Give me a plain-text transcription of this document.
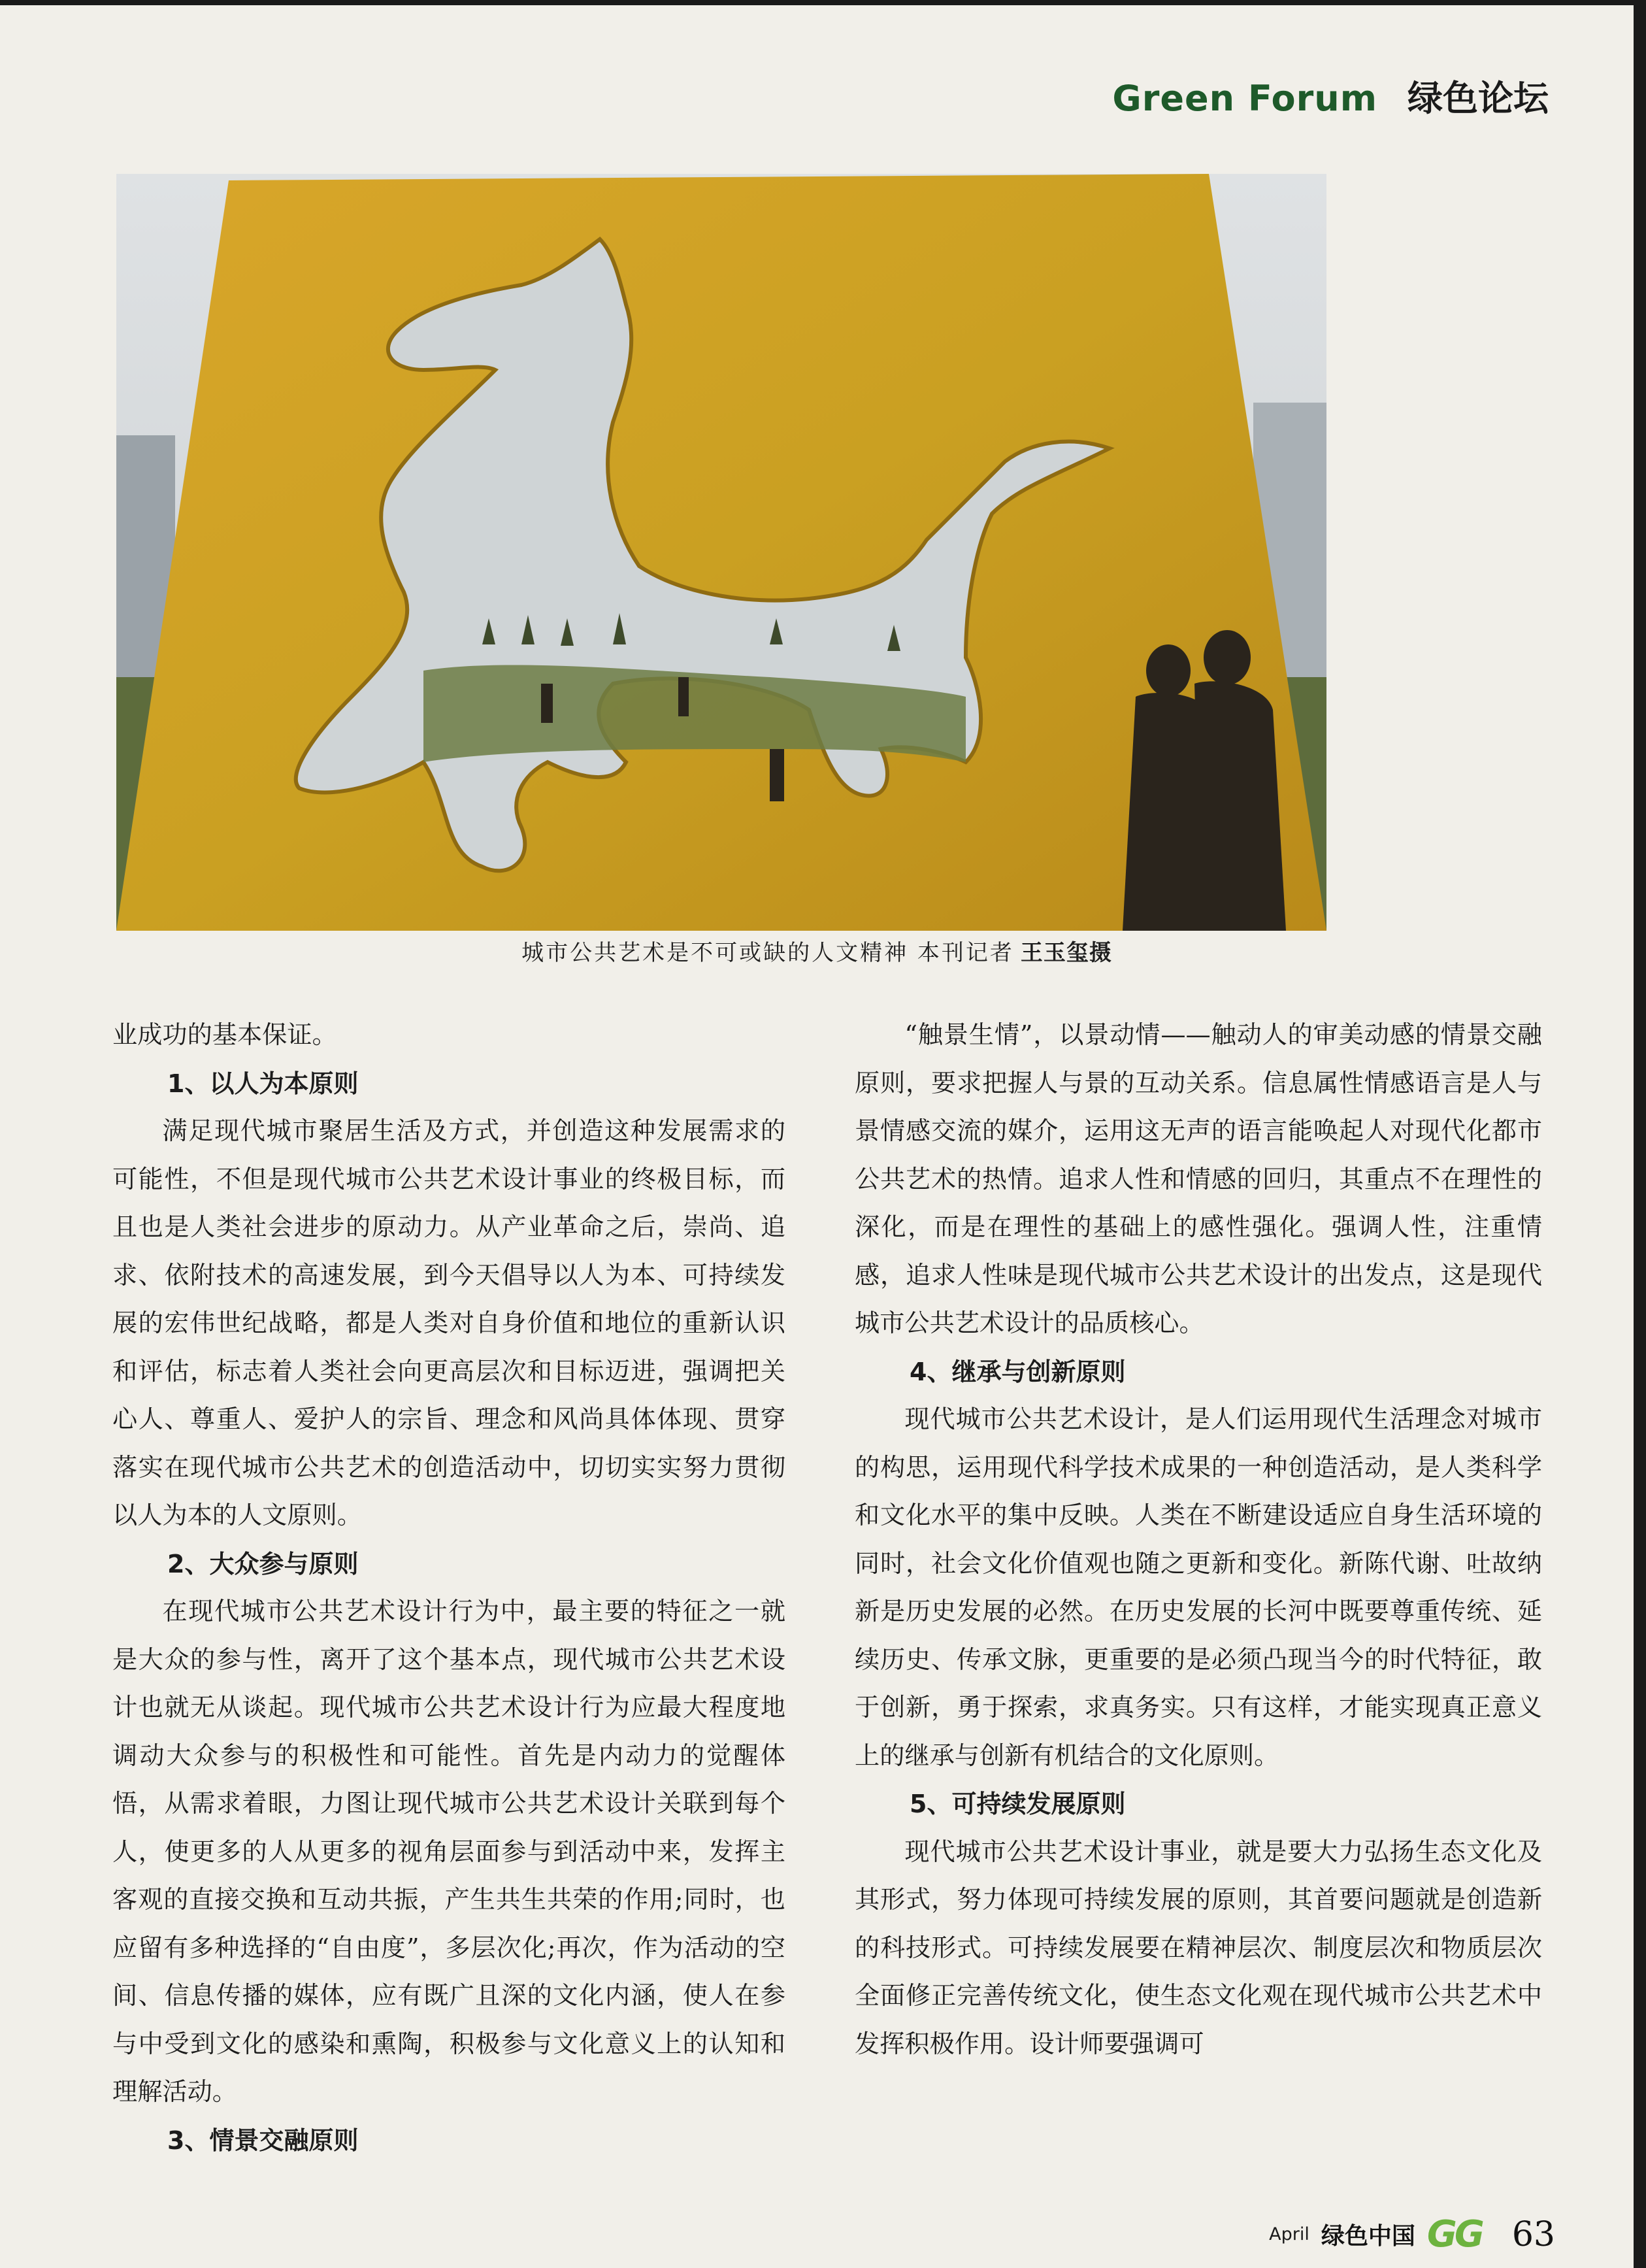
Green Forum 绿色论坛
城市公共艺术是不可或缺的人文精神 本刊记者 王玉玺摄

业成功的基本保证。

1、以人为本原则

满足现代城市聚居生活及方式，并创造这种发展需求的可能性，不但是现代城市公共艺术设计事业的终极目标，而且也是人类社会进步的原动力。从产业革命之后，崇尚、追求、依附技术的高速发展，到今天倡导以人为本、可持续发展的宏伟世纪战略，都是人类对自身价值和地位的重新认识和评估，标志着人类社会向更高层次和目标迈进，强调把关心人、尊重人、爱护人的宗旨、理念和风尚具体体现、贯穿落实在现代城市公共艺术的创造活动中，切切实实努力贯彻以人为本的人文原则。

2、大众参与原则

在现代城市公共艺术设计行为中，最主要的特征之一就是大众的参与性，离开了这个基本点，现代城市公共艺术设计也就无从谈起。现代城市公共艺术设计行为应最大程度地调动大众参与的积极性和可能性。首先是内动力的觉醒体悟，从需求着眼，力图让现代城市公共艺术设计关联到每个人，使更多的人从更多的视角层面参与到活动中来，发挥主客观的直接交换和互动共振，产生共生共荣的作用;同时，也应留有多种选择的“自由度”，多层次化;再次，作为活动的空间、信息传播的媒体，应有既广且深的文化内涵，使人在参与中受到文化的感染和熏陶，积极参与文化意义上的认知和理解活动。

3、情景交融原则

“触景生情”，以景动情——触动人的审美动感的情景交融原则，要求把握人与景的互动关系。信息属性情感语言是人与景情感交流的媒介，运用这无声的语言能唤起人对现代化都市公共艺术的热情。追求人性和情感的回归，其重点不在理性的深化，而是在理性的基础上的感性强化。强调人性，注重情感，追求人性味是现代城市公共艺术设计的出发点，这是现代城市公共艺术设计的品质核心。

4、继承与创新原则

现代城市公共艺术设计，是人们运用现代生活理念对城市的构思，运用现代科学技术成果的一种创造活动，是人类科学和文化水平的集中反映。人类在不断建设适应自身生活环境的同时，社会文化价值观也随之更新和变化。新陈代谢、吐故纳新是历史发展的必然。在历史发展的长河中既要尊重传统、延续历史、传承文脉，更重要的是必须凸现当今的时代特征，敢于创新，勇于探索，求真务实。只有这样，才能实现真正意义上的继承与创新有机结合的文化原则。

5、可持续发展原则

现代城市公共艺术设计事业，就是要大力弘扬生态文化及其形式，努力体现可持续发展的原则，其首要问题就是创造新的科技形式。可持续发展要在精神层次、制度层次和物质层次全面修正完善传统文化，使生态文化观在现代城市公共艺术中发挥积极作用。设计师要强调可

April 绿色中国 GG 63
